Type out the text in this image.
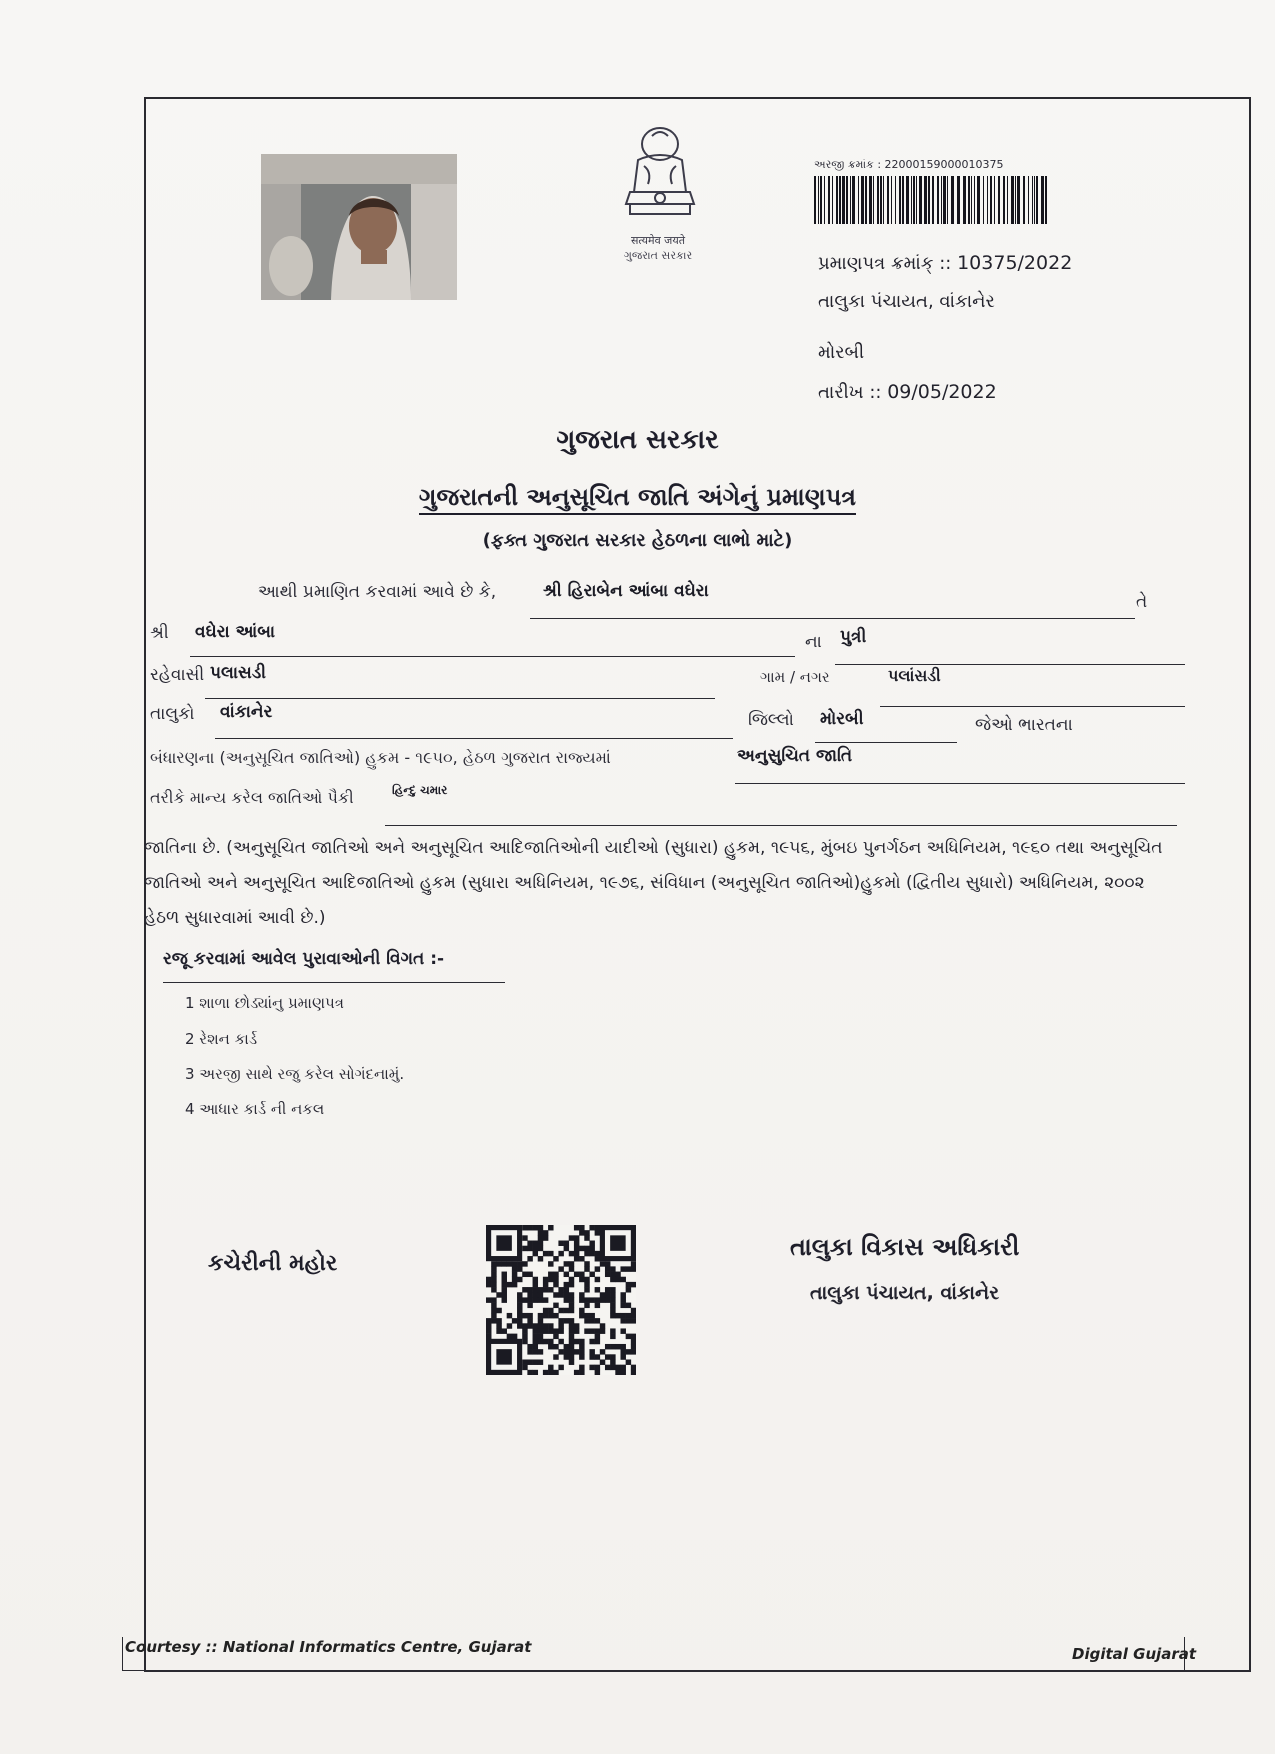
सत्यमेव जयते
ગુજરાત સરકાર
અરજી ક્રમાંક : 22000159000010375
પ્રમાણપત્ર ક્રમાંક્ :: 10375/2022
તાલુકા પંચાયત, વાંકાનેર
મોરબી
તારીખ :: 09/05/2022
ગુજરાત સરકાર
ગુજરાતની અનુસૂચિત જાતિ અંગેનું પ્રમાણપત્ર
(ફક્ત ગુજરાત સરકાર હેઠળના લાભો માટે)
આથી પ્રમાણિત કરવામાં આવે છે કે,	શ્રી હિરાબેન આંબા વઘેરા
તે
શ્રી વઘેરા આંબા	ના પુત્રી
રહેવાસી પલાસડી	ગામ / નગર	પલાંસડી
તાલુકો વાંકાનેર	જિલ્લો મોરબી	જેઓ ભારતના
બંધારણના (અનુસૂચિત જાતિઓ) હુકમ - ૧૯૫૦, હેઠળ ગુજરાત રાજ્યમાં	અનુસુચિત જાતિ
તરીકે માન્ય કરેલ જાતિઓ પૈકી	હિન્દુ ચમાર
જાતિના છે. (અનુસૂચિત જાતિઓ અને અનુસૂચિત આદિજાતિઓની યાદીઓ (સુધારા) હુકમ, ૧૯૫૬, મુંબઇ પુનર્ગઠન અધિનિયમ, ૧૯૬૦ તથા અનુસૂચિત જાતિઓ અને અનુસૂચિત આદિજાતિઓ હુકમ (સુધારા અધિનિયમ, ૧૯૭૬, સંવિધાન (અનુસૂચિત જાતિઓ)હુકમો (દ્વિતીય સુધારો) અધિનિયમ, ૨૦૦૨ હેઠળ સુધારવામાં આવી છે.)
રજૂ કરવામાં આવેલ પુરાવાઓની વિગત :-
1 શાળા છોડ્યાંનુ પ્રમાણપત્ર
2 રેશન કાર્ડ
3 અરજી સાથે રજુ કરેલ સોગંદનામું.
4 આધાર કાર્ડ ની નકલ
કચેરીની મહોર
તાલુકા વિકાસ અધિકારી
તાલુકા પંચાયત, વાંકાનેર
Courtesy :: National Informatics Centre, Gujarat	Digital Gujarat
